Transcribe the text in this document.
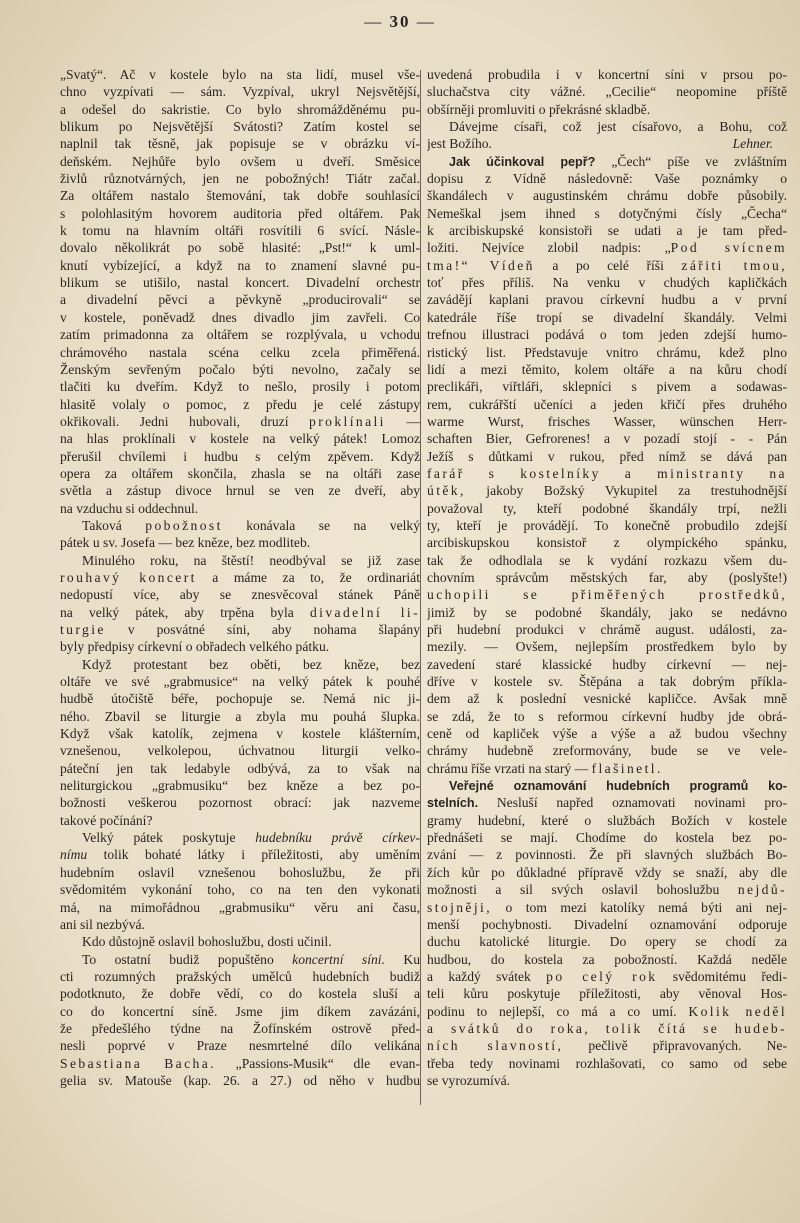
— 30 —
„Svatý“. Ač v kostele bylo na sta lidí, musel vše-
chno vyzpívati — sám. Vyzpíval, ukryl Nejsvětější,
a odešel do sakristie. Co bylo shromážděnému pu-
blikum po Nejsvětější Svátosti? Zatím kostel se
naplnil tak těsně, jak popisuje se v obrázku ví-
deňském. Nejhůře bylo ovšem u dveří. Směsice
živlů různotvárných, jen ne pobožných! Tiátr začal.
Za oltářem nastalo štemování, tak dobře souhlasící
s polohlasitým hovorem auditoria před oltářem. Pak
k tomu na hlavním oltáři rosvítili 6 svící. Násle-
dovalo několikrát po sobě hlasité: „Pst!“ k uml-
knutí vybízející, a když na to znamení slavné pu-
blikum se utišilo, nastal koncert. Divadelní orchestr
a divadelní pěvci a pěvkyně „producirovali“ se
v kostele, poněvadž dnes divadlo jim zavřeli. Co
zatím primadonna za oltářem se rozplývala, u vchodu
chrámového nastala scéna celku zcela přiměřená.
Ženským sevřeným počalo býti nevolno, začaly se
tlačiti ku dveřím. Když to nešlo, prosily i potom
hlasitě volaly o pomoc, z předu je celé zástupy
okřikovali. Jedni hubovali, druzí proklínali —
na hlas proklínali v kostele na velký pátek! Lomoz
přerušil chvílemi i hudbu s celým zpěvem. Když
opera za oltářem skončila, zhasla se na oltáři zase
světla a zástup divoce hrnul se ven ze dveří, aby
na vzduchu si oddechnul.
Taková pobožnost konávala se na velký
pátek u sv. Josefa — bez kněze, bez modliteb.
Minulého roku, na štěstí! neodbýval se již zase
rouhavý koncert a máme za to, že ordinariát
nedopustí více, aby se znesvěcoval stánek Páně
na velký pátek, aby trpěna byla divadelní li-
turgie v posvátné síni, aby nohama šlapány
byly předpisy církevní o obřadech velkého pátku.
Když protestant bez oběti, bez kněze, bez
oltáře ve své „grabmusice“ na velký pátek k pouhé
hudbě útočiště béře, pochopuje se. Nemá nic ji-
ného. Zbavil se liturgie a zbyla mu pouhá šlupka.
Když však katolík, zejmena v kostele klášterním,
vznešenou, velkolepou, úchvatnou liturgii velko-
páteční jen tak ledabyle odbývá, za to však na
neliturgickou „grabmusiku“ bez kněze a bez po-
božnosti veškerou pozornost obrací: jak nazveme
takové počínání?
Velký pátek poskytuje hudebníku právě církev-
nímu tolik bohaté látky i příležitosti, aby uměním
hudebním oslavil vznešenou bohoslužbu, že při
svědomitém vykonání toho, co na ten den vykonati
má, na mimořádnou „grabmusiku“ věru ani času,
ani sil nezbývá.
Kdo důstojně oslavil bohoslužbu, dosti učinil.
To ostatní budiž popuštěno koncertní síni. Ku
cti rozumných pražských umělců hudebních budiž
podotknuto, že dobře vědí, co do kostela sluší a
co do koncertní síně. Jsme jim díkem zavázáni,
že předešlého týdne na Žofínském ostrově před-
nesli poprvé v Praze nesmrtelné dílo velikána
Sebastiana Bacha. „Passions-Musik“ dle evan-
gelia sv. Matouše (kap. 26. a 27.) od něho v hudbu
uvedená probudila i v koncertní síni v prsou po-
sluchačstva city vážné. „Cecilie“ neopomine příště
obšírněji promluviti o překrásné skladbě.
Dávejme císaři, což jest císařovo, a Bohu, což
Lehner.
jest Božího.
Jak účinkoval pepř? „Čech“ píše ve zvláštním
dopisu z Vídně následovně: Vaše poznámky o
škandálech v augustinském chrámu dobře působily.
Nemeškal jsem ihned s dotyčnými čísly „Čecha“
k arcibiskupské konsistoři se udati a je tam před-
ložiti. Nejvíce zlobil nadpis: „Pod svícnem
tma!“ Vídeň a po celé říši zářiti tmou,
toť přes příliš. Na venku v chudých kapličkách
zavádějí kaplani pravou církevní hudbu a v první
katedrále říše tropí se divadelní škandály. Velmi
trefnou illustraci podává o tom jeden zdejší humo-
ristický list. Představuje vnitro chrámu, kdež plno
lidí a mezi těmito, kolem oltáře a na kůru chodí
preclikáři, viřtláři, sklepníci s pivem a sodawas-
rem, cukrářští učeníci a jeden křičí přes druhého
warme Wurst, frisches Wasser, wünschen Herr-
schaften Bier, Gefrorenes! a v pozadí stojí - - Pán
Ježíš s důtkami v rukou, před nímž se dává pan
farář s kostelníky a ministranty na
útěk, jakoby Božský Vykupitel za trestuhodnější
považoval ty, kteří podobné škandály trpí, nežli
ty, kteří je provádějí. To konečně probudilo zdejší
arcibiskupskou konsistoř z olympického spánku,
tak že odhodlala se k vydání rozkazu všem du-
chovním správcům městských far, aby (poslyšte!)
uchopili se přiměřených prostředků,
jimiž by se podobné škandály, jako se nedávno
při hudební produkci v chrámě august. události, za-
mezily. — Ovšem, nejlepším prostředkem bylo by
zavedení staré klassické hudby církevní — nej-
dříve v kostele sv. Štěpána a tak dobrým příkla-
dem až k poslední vesnické kapličce. Avšak mně
se zdá, že to s reformou církevní hudby jde obrá-
ceně od kapliček výše a výše a až budou všechny
chrámy hudebně zreformovány, bude se ve vele-
chrámu říše vrzati na starý — flašinetl.
Veřejné oznamování hudebních programů ko-
stelních. Nesluší napřed oznamovati novinami pro-
gramy hudební, které o službách Božích v kostele
přednášeti se mají. Chodíme do kostela bez po-
zvání — z povinnosti. Že při slavných službách Bo-
žích kůr po důkladné přípravě vždy se snaží, aby dle
možnosti a sil svých oslavil bohoslužbu nejdů-
stojněji, o tom mezi katolíky nemá býti ani nej-
menší pochybnosti. Divadelní oznamování odporuje
duchu katolické liturgie. Do opery se chodí za
hudbou, do kostela za pobožností. Každá neděle
a každý svátek po celý rok svědomitému ředi-
teli kůru poskytuje příležitosti, aby věnoval Hos-
podinu to nejlepší, co má a co umí. Kolik neděl
a svátků do roka, tolik čítá se hudeb-
ních slavností, pečlivě připravovaných. Ne-
třeba tedy novinami rozhlašovati, co samo od sebe
se vyrozumívá.
